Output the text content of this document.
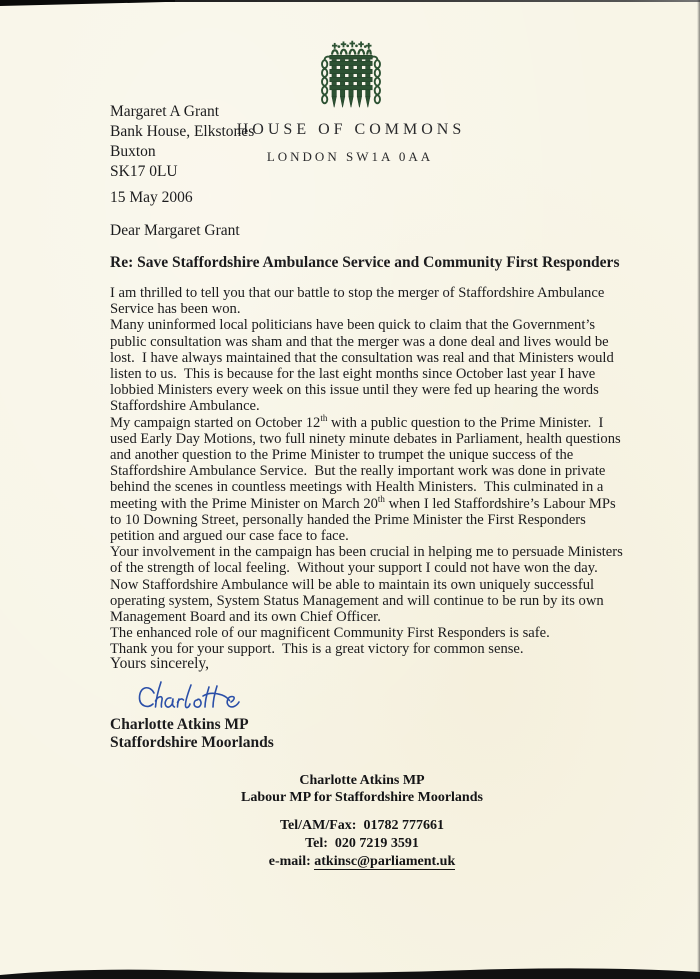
HOUSE OF COMMONS
LONDON SW1A 0AA
Margaret A Grant
Bank House, Elkstones
Buxton
SK17 0LU
15 May 2006
Dear Margaret Grant
Re: Save Staffordshire Ambulance Service and Community First Responders

I am thrilled to tell you that our battle to stop the merger of Staffordshire Ambulance Service has been won.

Many uninformed local politicians have been quick to claim that the Government’s public consultation was sham and that the merger was a done deal and lives would be lost.  I have always maintained that the consultation was real and that Ministers would listen to us.  This is because for the last eight months since October last year I have lobbied Ministers every week on this issue until they were fed up hearing the words Staffordshire Ambulance.

My campaign started on October 12th with a public question to the Prime Minister.  I used Early Day Motions, two full ninety minute debates in Parliament, health questions and another question to the Prime Minister to trumpet the unique success of the Staffordshire Ambulance Service.  But the really important work was done in private behind the scenes in countless meetings with Health Ministers.  This culminated in a meeting with the Prime Minister on March 20th when I led Staffordshire’s Labour MPs to 10 Downing Street, personally handed the Prime Minister the First Responders petition and argued our case face to face.

Your involvement in the campaign has been crucial in helping me to persuade Ministers of the strength of local feeling.  Without your support I could not have won the day.

Now Staffordshire Ambulance will be able to maintain its own uniquely successful operating system, System Status Management and will continue to be run by its own Management Board and its own Chief Officer.

The enhanced role of our magnificent Community First Responders is safe.

Thank you for your support.  This is a great victory for common sense.

Yours sincerely,
Charlotte Atkins MP
Staffordshire Moorlands
Charlotte Atkins MP
Labour MP for Staffordshire Moorlands
Tel/AM/Fax:  01782 777661
Tel:  020 7219 3591
e-mail: atkinsc@parliament.uk
